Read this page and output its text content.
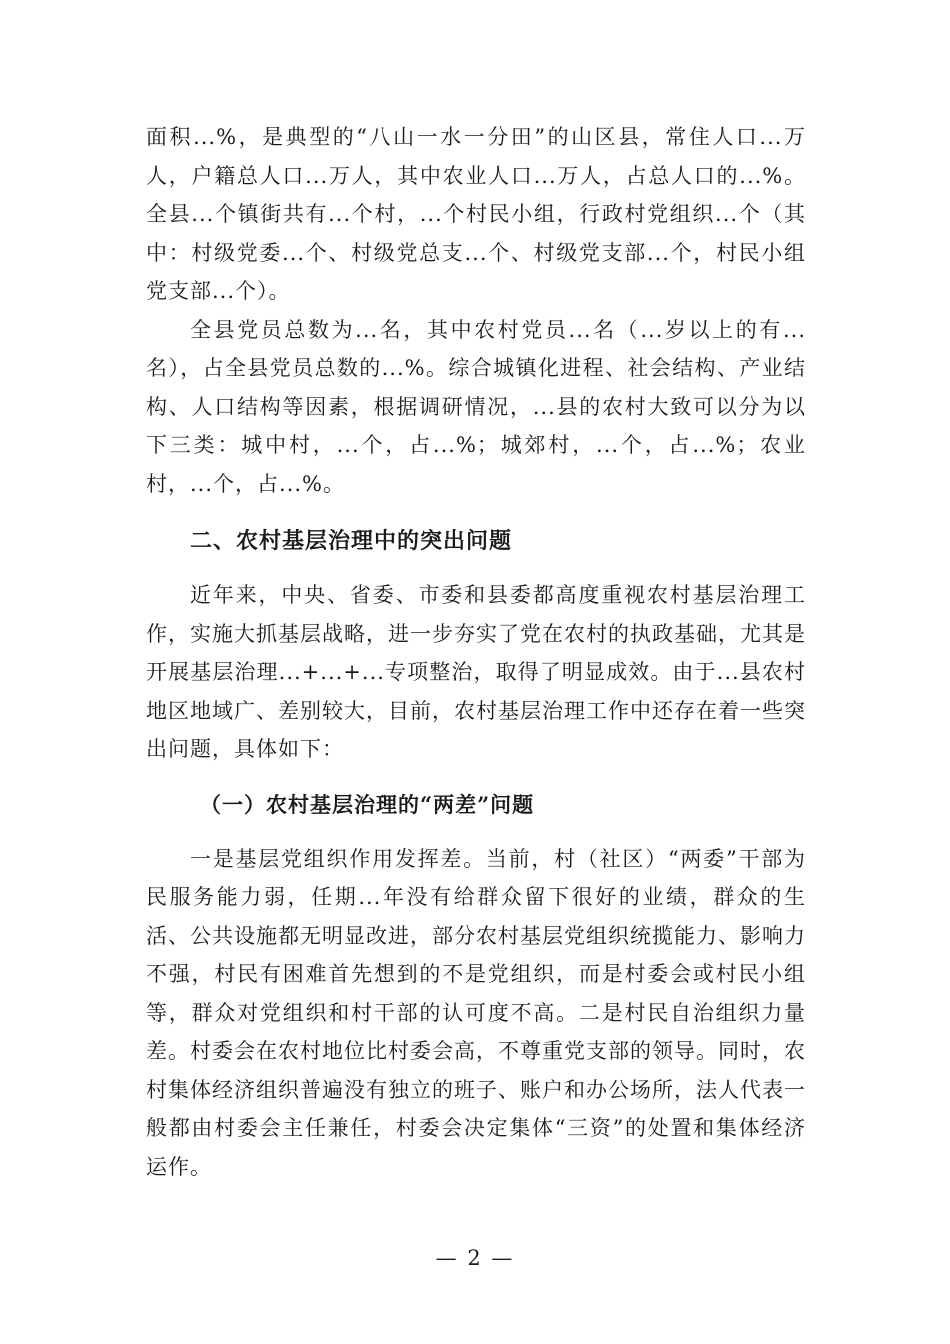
面积...%，是典型的“八山一水一分田”的山区县，常住人口...万人，户籍总人口...万人，其中农业人口...万人，占总人口的...%。全县...个镇街共有...个村，...个村民小组，行政村党组织...个（其中：村级党委...个、村级党总支...个、村级党支部...个，村民小组党支部...个）。

全县党员总数为...名，其中农村党员...名（...岁以上的有...名），占全县党员总数的...%。综合城镇化进程、社会结构、产业结构、人口结构等因素，根据调研情况，...县的农村大致可以分为以下三类：城中村，...个，占...%；城郊村，...个，占...%；农业村，...个，占...%。

二、农村基层治理中的突出问题

近年来，中央、省委、市委和县委都高度重视农村基层治理工作，实施大抓基层战略，进一步夯实了党在农村的执政基础，尤其是开展基层治理...+...+...专项整治，取得了明显成效。由于...县农村地区地域广、差别较大，目前，农村基层治理工作中还存在着一些突出问题，具体如下：

（一）农村基层治理的“两差”问题

一是基层党组织作用发挥差。当前，村（社区）“两委”干部为民服务能力弱，任期...年没有给群众留下很好的业绩，群众的生活、公共设施都无明显改进，部分农村基层党组织统揽能力、影响力不强，村民有困难首先想到的不是党组织，而是村委会或村民小组等，群众对党组织和村干部的认可度不高。二是村民自治组织力量差。村委会在农村地位比村委会高，不尊重党支部的领导。同时，农村集体经济组织普遍没有独立的班子、账户和办公场所，法人代表一般都由村委会主任兼任，村委会决定集体“三资”的处置和集体经济运作。

— 2 —
